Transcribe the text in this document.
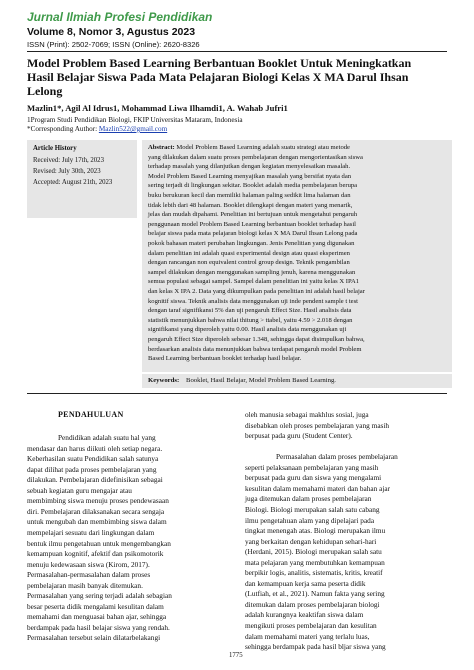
Jurnal Ilmiah Profesi Pendidikan
Volume 8, Nomor 3, Agustus 2023
ISSN (Print): 2502-7069; ISSN (Online): 2620-8326
Model Problem Based Learning Berbantuan Booklet Untuk Meningkatkan
Hasil Belajar Siswa Pada Mata Pelajaran Biologi Kelas X MA Darul Ihsan
Lelong
Mazlin1*, Agil Al Idrus1, Mohammad Liwa Ilhamdi1, A. Wahab Jufri1
1Program Studi Pendidikan Biologi, FKIP Universitas Mataram, Indonesia
*Corresponding Author: Mazlin522@gmail.com
Article History
Received: July 17th, 2023
Revised: July 30th, 2023
Accepted: August 21th, 2023
Abstract: Model Problem Based Learning adalah suatu strategi atau metode
yang dilakukan dalam suatu proses pembelajaran dengan mengorientasikan siswa
terhadap masalah yang dilanjutkan dengan kegiatan menyelesaikan masalah.
Model Problem Based Learning menyajikan masalah yang bersifat nyata dan
sering terjadi di lingkungan sekitar. Booklet adalah media pembelajaran berupa
buku berukuran kecil dan memiliki halaman paling sedikit lima halaman dan
tidak lebih dari 48 halaman. Booklet dilengkapi dengan materi yang menarik,
jelas dan mudah dipahami. Penelitian ini bertujuan untuk mengetahui pengaruh
penggunaan model Problem Based Learning berbantuan booklet terhadap hasil
belajar siswa pada mata pelajaran biologi kelas X MA Darul Ihsan Lelong pada
pokok bahasan materi perubahan lingkungan. Jenis Penelitian yang digunakan
dalam penelitian ini adalah quasi experimental design atau quasi eksperimen
dengan rancangan non equivalent control group design. Teknik pengambilan
sampel dilakukan dengan menggunakan sampling jenuh, karena menggunakan
semua populasi sebagai sampel. Sampel dalam penelitian ini yaitu kelas X IPA1
dan kelas X IPA 2. Data yang dikumpulkan pada penelitian ini adalah hasil belajar
kognitif siswa. Teknik analisis data menggunakan uji inde pendent sample t test
dengan taraf signifikansi 5% dan uji pengaruh Effect Size. Hasil analisis data
statistik menunjukkan bahwa nilai thitung > ttabel, yaitu 4.59 > 2.018 dengan
signifikansi yang diperoleh yaitu 0.00. Hasil analisis data menggunakan uji
pengaruh Effect Size diperoleh sebesar 1.348, sehingga dapat disimpulkan bahwa,
berdasarkan analisis data menunjukkan bahwa terdapat pengaruh model Problem
Based Learning berbantuan booklet terhadap hasil belajar.
Keywords: Booklet, Hasil Belajar, Model Problem Based Learning.
PENDAHULUAN
Pendidikan adalah suatu hal yang
mendasar dan harus diikuti oleh setiap negara.
Keberhasilan suatu Pendidikan salah satunya
dapat dilihat pada proses pembelajaran yang
dilakukan. Pembelajaran didefinisikan sebagai
sebuah kegiatan guru mengajar atau
membimbing siswa menuju proses pendewasaan
diri. Pembelajaran dilaksanakan secara sengaja
untuk mengubah dan membimbing siswa dalam
mempelajari sesuatu dari lingkungan dalam
bentuk ilmu pengetahuan untuk mengembangkan
kemampuan kognitif, afektif dan psikomotorik
menuju kedewasaan siswa (Kirom, 2017).
Permasalahan-permasalahan dalam proses
pembelajaran masih banyak ditemukan.
Permasalahan yang sering terjadi adalah sebagian
besar peserta didik mengalami kesulitan dalam
memahami dan menguasai bahan ajar, sehingga
berdampak pada hasil belajar siswa yang rendah.
Permasalahan tersebut selain dilatarbelakangi
oleh manusia sebagai makhlus sosial, juga
disebabkan oleh proses pembelajaran yang masih
berpusat pada guru (Student Center).
Permasalahan dalam proses pembelajaran
seperti pelaksanaan pembelajaran yang masih
berpusat pada guru dan siswa yang mengalami
kesulitan dalam memahami materi dan bahan ajar
juga ditemukan dalam proses pembelajaran
Biologi. Biologi merupakan salah satu cabang
ilmu pengetahuan alam yang dipelajari pada
tingkat menengah atas. Biologi merupakan ilmu
yang berkaitan dengan kehidupan sehari-hari
(Herdani, 2015). Biologi merupakan salah satu
mata pelajaran yang membutuhkan kemampuan
berpikir logis, analitis, sistematis, kritis, kreatif
dan kemampuan kerja sama peserta didik
(Lutfiah, et al., 2021). Namun fakta yang sering
ditemukan dalam proses pembelajaran biologi
adalah kurangnya keaktifan siswa dalam
mengikuti proses pembelajaran dan kesulitan
dalam memahami materi yang terlalu luas,
sehingga berdampak pada hasil bljar siswa yang
1775
